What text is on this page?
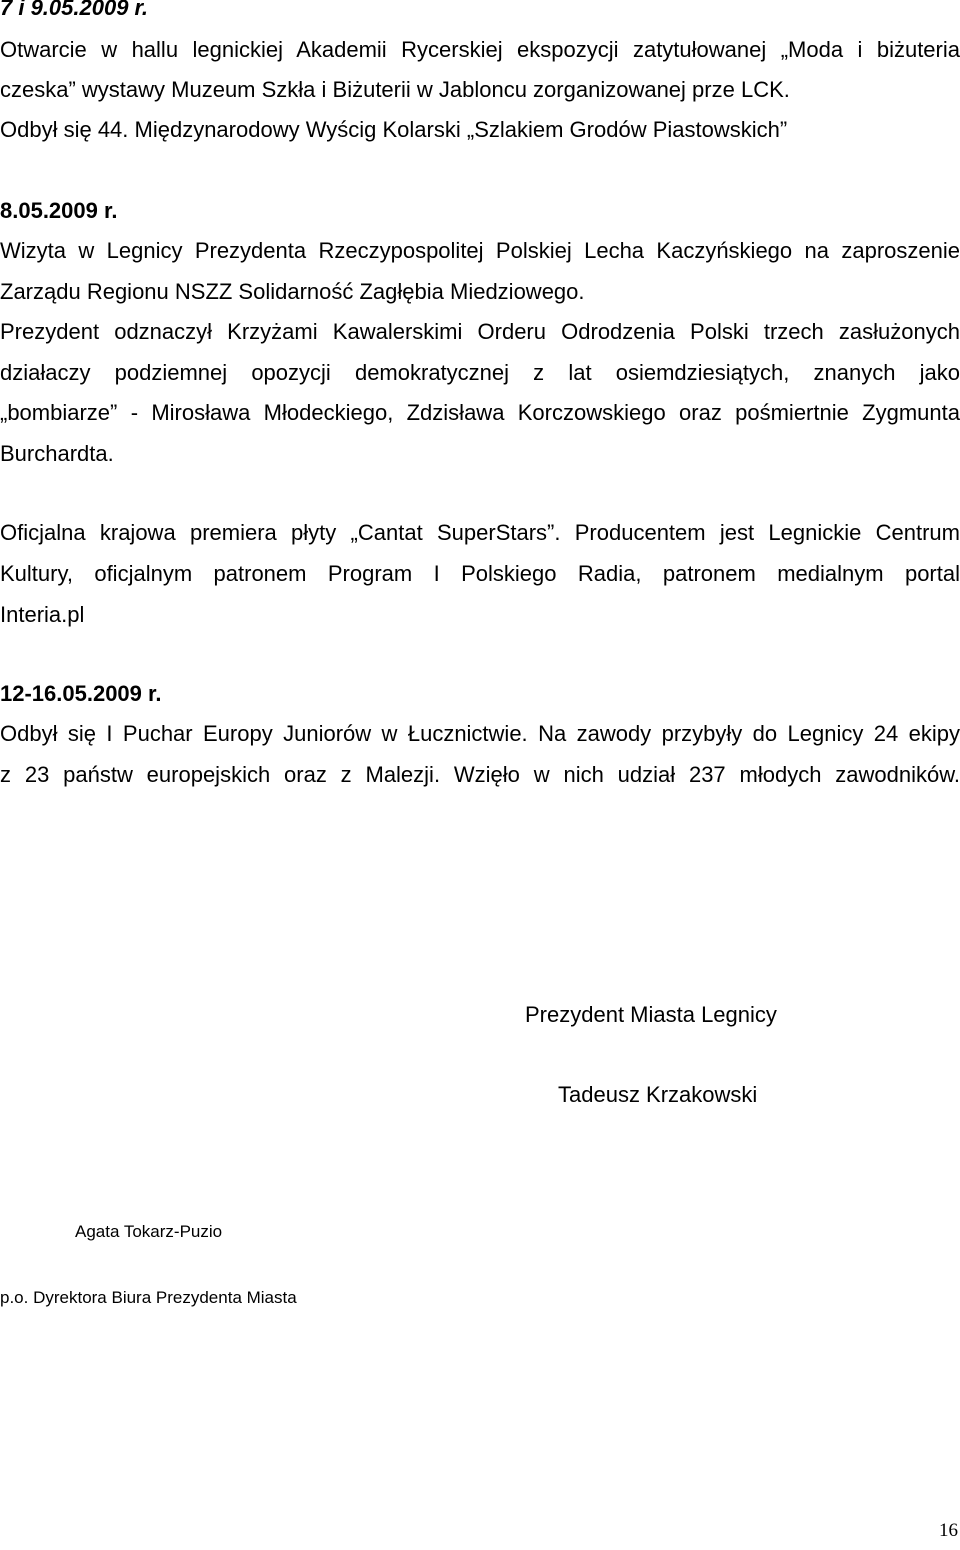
7 i 9.05.2009 r.
Otwarcie w hallu legnickiej Akademii Rycerskiej ekspozycji zatytułowanej „Moda i biżuteria
czeska” wystawy Muzeum Szkła i Biżuterii w Jabloncu zorganizowanej prze LCK.
Odbył się 44. Międzynarodowy Wyścig Kolarski „Szlakiem Grodów Piastowskich”
8.05.2009 r.
Wizyta w Legnicy Prezydenta Rzeczypospolitej Polskiej Lecha Kaczyńskiego na zaproszenie
Zarządu Regionu NSZZ Solidarność Zagłębia Miedziowego.
Prezydent odznaczył Krzyżami Kawalerskimi Orderu Odrodzenia Polski trzech zasłużonych
działaczy podziemnej opozycji demokratycznej z lat osiemdziesiątych, znanych jako
„bombiarze” - Mirosława Młodeckiego, Zdzisława Korczowskiego oraz pośmiertnie Zygmunta
Burchardta.
Oficjalna krajowa premiera płyty „Cantat SuperStars”. Producentem jest Legnickie Centrum
Kultury, oficjalnym patronem Program I Polskiego Radia, patronem medialnym portal
Interia.pl
12-16.05.2009 r.
Odbył się I Puchar Europy Juniorów w Łucznictwie. Na zawody przybyły do Legnicy 24 ekipy
z 23 państw europejskich oraz z Malezji. Wzięło w nich udział 237 młodych zawodników.
Prezydent Miasta Legnicy
Tadeusz Krzakowski
Agata Tokarz-Puzio
p.o. Dyrektora Biura Prezydenta Miasta
16
